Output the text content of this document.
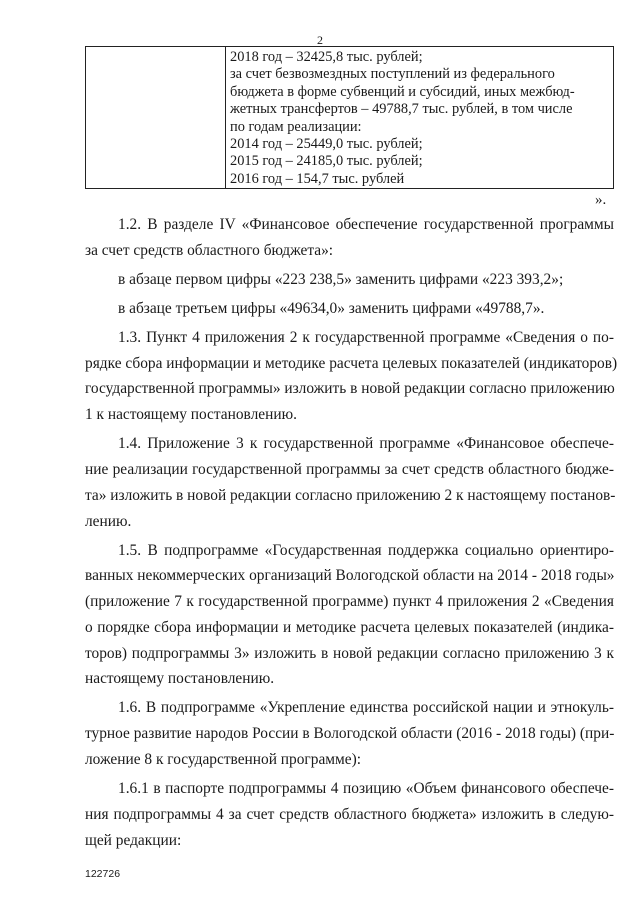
2
2018 год – 32425,8 тыс. рублей;
за счет безвозмездных поступлений из федерального
бюджета в форме субвенций и субсидий, иных межбюд-
жетных трансфертов – 49788,7 тыс. рублей, в том числе
по годам реализации:
2014 год – 25449,0 тыс. рублей;
2015 год – 24185,0 тыс. рублей;
2016 год – 154,7 тыс. рублей
».
1.2. В разделе IV «Финансовое обеспечение государственной программы
за счет средств областного бюджета»:
в абзаце первом цифры «223 238,5» заменить цифрами «223 393,2»;
в абзаце третьем цифры «49634,0» заменить цифрами «49788,7».
1.3. Пункт 4 приложения 2 к государственной программе «Сведения о по-
рядке сбора информации и методике расчета целевых показателей (индикаторов)
государственной программы» изложить в новой редакции согласно приложению
1 к настоящему постановлению.
1.4. Приложение 3 к государственной программе «Финансовое обеспече-
ние реализации государственной программы за счет средств областного бюдже-
та» изложить в новой редакции согласно приложению 2 к настоящему постанов-
лению.
1.5. В подпрограмме «Государственная поддержка социально ориентиро-
ванных некоммерческих организаций Вологодской области на 2014 - 2018 годы»
(приложение 7 к государственной программе) пункт 4 приложения 2 «Сведения
о порядке сбора информации и методике расчета целевых показателей (индика-
торов) подпрограммы 3» изложить в новой редакции согласно приложению 3 к
настоящему постановлению.
1.6. В подпрограмме «Укрепление единства российской нации и этнокуль-
турное развитие народов России в Вологодской области (2016 - 2018 годы) (при-
ложение 8 к государственной программе):
1.6.1 в паспорте подпрограммы 4 позицию «Объем финансового обеспече-
ния подпрограммы 4 за счет средств областного бюджета» изложить в следую-
щей редакции:
122726
